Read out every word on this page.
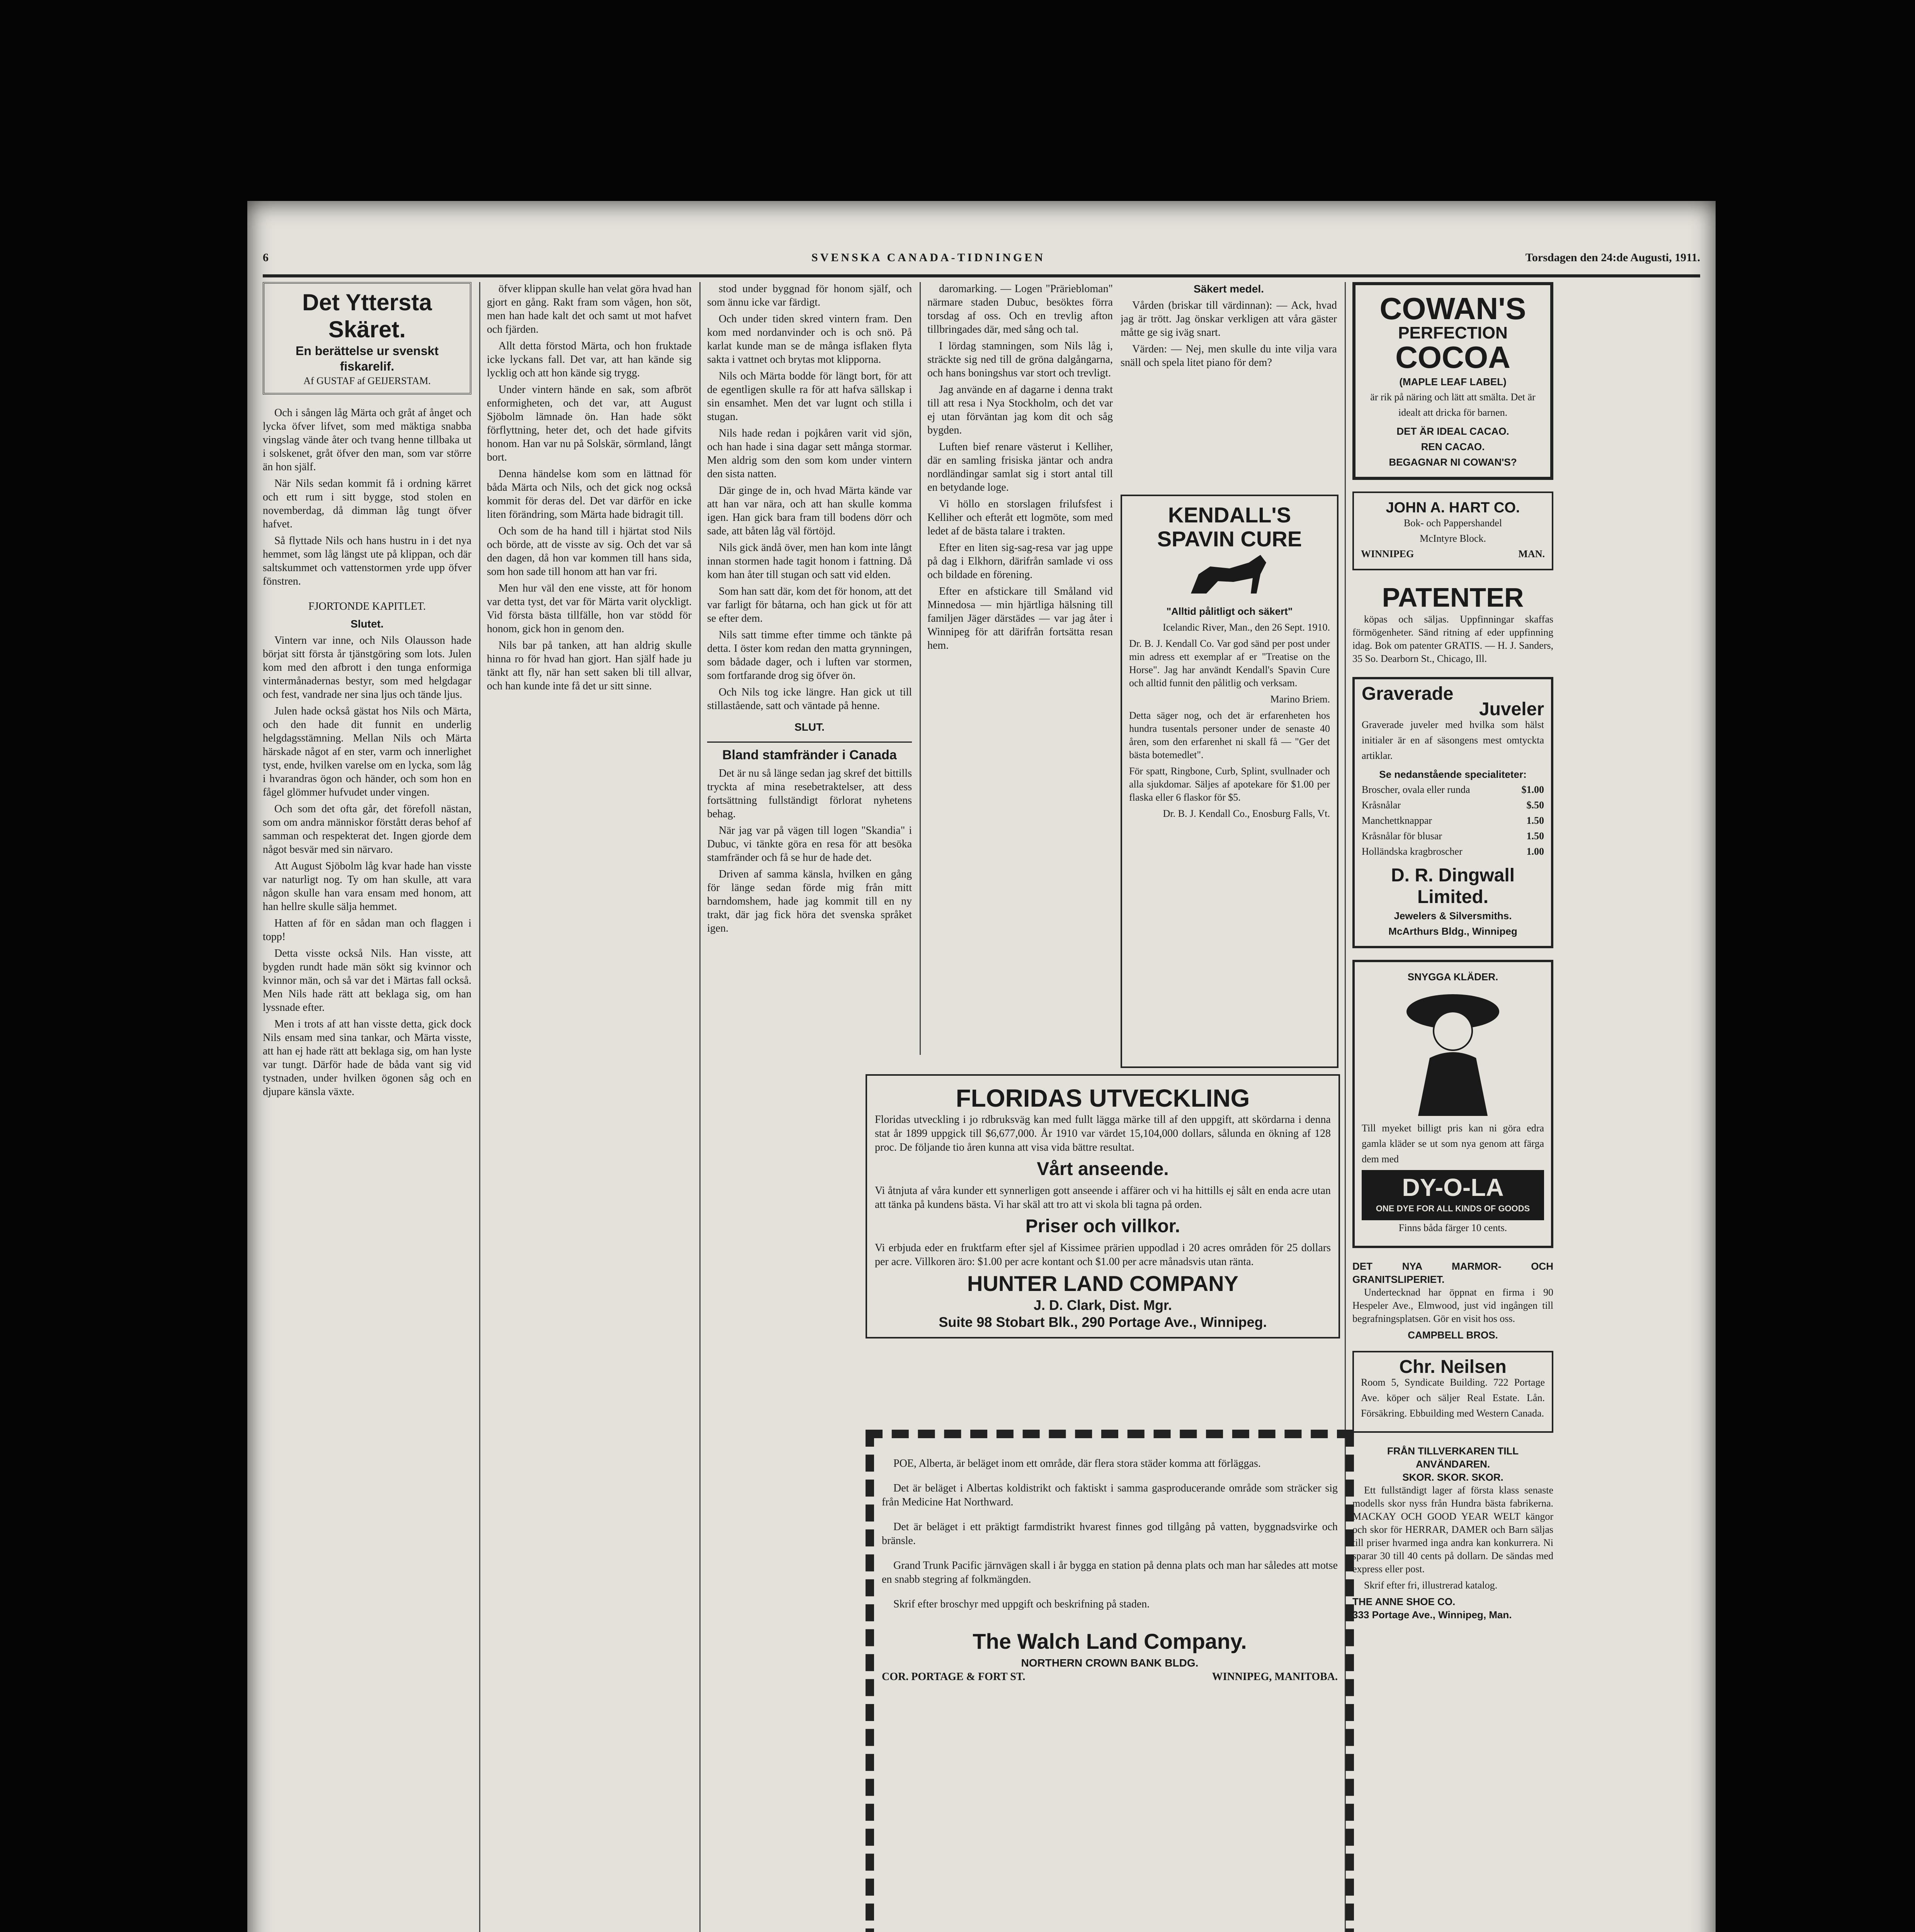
6	SVENSKA CANADA-TIDNINGEN	Torsdagen den 24:de Augusti, 1911.
Det Yttersta Skäret.
En berättelse ur svenskt fiskarelif.
Af GUSTAF af GEIJERSTAM.

Och i sången låg Märta och gråt af ånget och lycka öfver lifvet, som med mäktiga snabba vingslag vände åter och tvang henne tillbaka ut i solskenet, gråt öfver den man, som var större än hon själf.

När Nils sedan kommit få i ordning kärret och ett rum i sitt bygge, stod stolen en novemberdag, då dimman låg tungt öfver hafvet.

Så flyttade Nils och hans hustru in i det nya hemmet, som låg längst ute på klippan, och där saltskummet och vattenstormen yrde upp öfver fönstren.

FJORTONDE KAPITLET.

Slutet.

Vintern var inne, och Nils Olausson hade börjat sitt första år tjänstgöring som lots. Julen kom med den afbrott i den tunga enformiga vintermånadernas bestyr, som med helgdagar och fest, vandrade ner sina ljus och tände ljus.

Julen hade också gästat hos Nils och Märta, och den hade dit funnit en underlig helgdagsstämning. Mellan Nils och Märta härskade något af en ster, varm och innerlighet tyst, ende, hvilken varelse om en lycka, som låg i hvarandras ögon och händer, och som hon en fågel glömmer hufvudet under vingen.

Och som det ofta går, det förefoll nästan, som om andra människor förstått deras behof af samman och respekterat det. Ingen gjorde dem något besvär med sin närvaro.

Att August Sjöbolm låg kvar hade han visste var naturligt nog. Ty om han skulle, att vara någon skulle han vara ensam med honom, att han hellre skulle sälja hemmet.

Hatten af för en sådan man och flaggen i topp!

Detta visste också Nils. Han visste, att bygden rundt hade män sökt sig kvinnor och kvinnor män, och så var det i Märtas fall också. Men Nils hade rätt att beklaga sig, om han lyssnade efter.

Men i trots af att han visste detta, gick dock Nils ensam med sina tankar, och Märta visste, att han ej hade rätt att beklaga sig, om han lyste var tungt. Därför hade de båda vant sig vid tystnaden, under hvilken ögonen såg och en djupare känsla växte.

öfver klippan skulle han velat göra hvad han gjort en gång. Rakt fram som vågen, hon söt, men han hade kalt det och samt ut mot hafvet och fjärden.

Allt detta förstod Märta, och hon fruktade icke lyckans fall. Det var, att han kände sig lycklig och att hon kände sig trygg.

Under vintern hände en sak, som afbröt enformigheten, och det var, att August Sjöbolm lämnade ön. Han hade sökt förflyttning, heter det, och det hade gifvits honom. Han var nu på Solskär, sörmland, långt bort.

Denna händelse kom som en lättnad för båda Märta och Nils, och det gick nog också kommit för deras del. Det var därför en icke liten förändring, som Märta hade bidragit till.

Och som de ha hand till i hjärtat stod Nils och börde, att de visste av sig. Och det var så den dagen, då hon var kommen till hans sida, som hon sade till honom att han var fri.

Men hur väl den ene visste, att för honom var detta tyst, det var för Märta varit olyckligt. Vid första bästa tillfälle, hon var stödd för honom, gick hon in genom den.

Nils bar på tanken, att han aldrig skulle hinna ro för hvad han gjort. Han själf hade ju tänkt att fly, när han sett saken bli till allvar, och han kunde inte få det ur sitt sinne.

stod under byggnad för honom själf, och som ännu icke var färdigt.

Och under tiden skred vintern fram. Den kom med nordanvinder och is och snö. På karlat kunde man se de många isflaken flyta sakta i vattnet och brytas mot klipporna.

Nils och Märta bodde för längt bort, för att de egentligen skulle ra för att hafva sällskap i sin ensamhet. Men det var lugnt och stilla i stugan.

Nils hade redan i pojkåren varit vid sjön, och han hade i sina dagar sett många stormar. Men aldrig som den som kom under vintern den sista natten.

Där ginge de in, och hvad Märta kände var att han var nära, och att han skulle komma igen. Han gick bara fram till bodens dörr och sade, att båten låg väl förtöjd.

Nils gick ändå över, men han kom inte långt innan stormen hade tagit honom i fattning. Då kom han åter till stugan och satt vid elden.

Som han satt där, kom det för honom, att det var farligt för båtarna, och han gick ut för att se efter dem.

Nils satt timme efter timme och tänkte på detta. I öster kom redan den matta grynningen, som bådade dager, och i luften var stormen, som fortfarande drog sig öfver ön.

Och Nils tog icke längre. Han gick ut till stillastående, satt och väntade på henne.

SLUT.

Bland stamfränder i Canada

Det är nu så länge sedan jag skref det bittills tryckta af mina resebetraktelser, att dess fortsättning fullständigt förlorat nyhetens behag.

När jag var på vägen till logen "Skandia" i Dubuc, vi tänkte göra en resa för att besöka stamfränder och få se hur de hade det.

Driven af samma känsla, hvilken en gång för länge sedan förde mig från mitt barndomshem, hade jag kommit till en ny trakt, där jag fick höra det svenska språket igen.

daromarking. — Logen "Präriebloman" närmare staden Dubuc, besöktes förra torsdag af oss. Och en trevlig afton tillbringades där, med sång och tal.

I lördag stamningen, som Nils låg i, sträckte sig ned till de gröna dalgångarna, och hans boningshus var stort och trevligt.

Jag använde en af dagarne i denna trakt till att resa i Nya Stockholm, och det var ej utan förväntan jag kom dit och såg bygden.

Luften bief renare västerut i Kelliher, där en samling frisiska jäntar och andra nordländingar samlat sig i stort antal till en betydande loge.

Vi höllo en storslagen frilufsfest i Kelliher och efteråt ett logmöte, som med ledet af de bästa talare i trakten.

Efter en liten sig-sag-resa var jag uppe på dag i Elkhorn, därifrån samlade vi oss och bildade en förening.

Efter en afstickare till Småland vid Minnedosa — min hjärtliga hälsning till familjen Jäger därstädes — var jag åter i Winnipeg för att därifrån fortsätta resan hem.

Säkert medel.

Vården (briskar till värdinnan): — Ack, hvad jag är trött. Jag önskar verkligen att våra gäster måtte ge sig iväg snart.

Värden: — Nej, men skulle du inte vilja vara snäll och spela litet piano för dem?

KENDALL'S SPAVIN CURE

"Alltid pålitligt och säkert"

Icelandic River, Man., den 26 Sept. 1910.

Dr. B. J. Kendall Co. Var god sänd per post under min adress ett exemplar af er "Treatise on the Horse". Jag har användt Kendall's Spavin Cure och alltid funnit den pålitlig och verksam.

Marino Briem.

Detta säger nog, och det är erfarenheten hos hundra tusentals personer under de senaste 40 åren, som den erfarenhet ni skall få — "Ger det bästa botemedlet".

För spatt, Ringbone, Curb, Splint, svullnader och alla sjukdomar. Säljes af apotekare för $1.00 per flaska eller 6 flaskor för $5.

Dr. B. J. Kendall Co., Enosburg Falls, Vt.

FLORIDAS UTVECKLING

Floridas utveckling i jo rdbruksväg kan med fullt lägga märke till af den uppgift, att skördarna i denna stat år 1899 uppgick till $6,677,000. År 1910 var värdet 15,104,000 dollars, sålunda en ökning af 128 proc. De följande tio åren kunna att visa vida bättre resultat.

Vårt anseende.

Vi åtnjuta af våra kunder ett synnerligen gott anseende i affärer och vi ha hittills ej sålt en enda acre utan att tänka på kundens bästa. Vi har skäl att tro att vi skola bli tagna på orden.

Priser och villkor.

Vi erbjuda eder en fruktfarm efter sjel af Kissimee prärien uppodlad i 20 acres områden för 25 dollars per acre. Villkoren äro: $1.00 per acre kontant och $1.00 per acre månadsvis utan ränta.

HUNTER LAND COMPANY
J. D. Clark, Dist. Mgr.
Suite 98 Stobart Blk., 290 Portage Ave., Winnipeg.

POE, Alberta, är beläget inom ett område, där flera stora städer komma att förläggas.

Det är beläget i Albertas koldistrikt och faktiskt i samma gasproducerande område som sträcker sig från Medicine Hat Northward.

Det är beläget i ett präktigt farmdistrikt hvarest finnes god tillgång på vatten, byggnadsvirke och bränsle.

Grand Trunk Pacific järnvägen skall i år bygga en station på denna plats och man har således att motse en snabb stegring af folkmängden.

Skrif efter broschyr med uppgift och beskrifning på staden.

The Walch Land Company.
NORTHERN CROWN BANK BLDG.
COR. PORTAGE & FORT ST.	WINNIPEG, MANITOBA.
COWAN'S
PERFECTION
COCOA
(MAPLE LEAF LABEL)

är rik på näring och lätt att smälta. Det är idealt att dricka för barnen.

DET ÄR IDEAL CACAO.
REN CACAO.
BEGAGNAR NI COWAN'S?
JOHN A. HART CO.
Bok- och Pappershandel
McIntyre Block.
WINNIPEG	MAN.
PATENTER

köpas och säljas. Uppfinningar skaffas förmögenheter. Sänd ritning af eder uppfinning idag. Bok om patenter GRATIS. — H. J. Sanders, 35 So. Dearborn St., Chicago, Ill.

Graverade
Juveler

Graverade juveler med hvilka som hälst initialer är en af säsongens mest omtyckta artiklar.

Se nedanstående specialiteter:
Broscher, ovala eller runda	$1.00
Kråsnålar	$.50
Manchettknappar	1.50
Kråsnålar för blusar	1.50
Holländska kragbroscher	1.00
D. R. Dingwall Limited.
Jewelers & Silversmiths.
McArthurs Bldg., Winnipeg
SNYGGA KLÄDER.

Till myeket billigt pris kan ni göra edra gamla kläder se ut som nya genom att färga dem med

DY-O-LA
ONE DYE FOR ALL KINDS OF GOODS

Finns båda färger 10 cents.

DET NYA MARMOR- OCH GRANITSLIPERIET.

Undertecknad har öppnat en firma i 90 Hespeler Ave., Elmwood, just vid ingången till begrafningsplatsen. Gör en visit hos oss.

CAMPBELL BROS.
Chr. Neilsen

Room 5, Syndicate Building. 722 Portage Ave. köper och säljer Real Estate. Lån. Försäkring. Ebbuilding med Western Canada.

FRÅN TILLVERKAREN TILL ANVÄNDAREN.
SKOR. SKOR. SKOR.

Ett fullständigt lager af första klass senaste modells skor nyss från Hundra bästa fabrikerna. MACKAY OCH GOOD YEAR WELT kängor och skor för HERRAR, DAMER och Barn säljas till priser hvarmed inga andra kan konkurrera. Ni sparar 30 till 40 cents på dollarn. De sändas med express eller post.

Skrif efter fri, illustrerad katalog.

THE ANNE SHOE CO.
333 Portage Ave., Winnipeg, Man.
